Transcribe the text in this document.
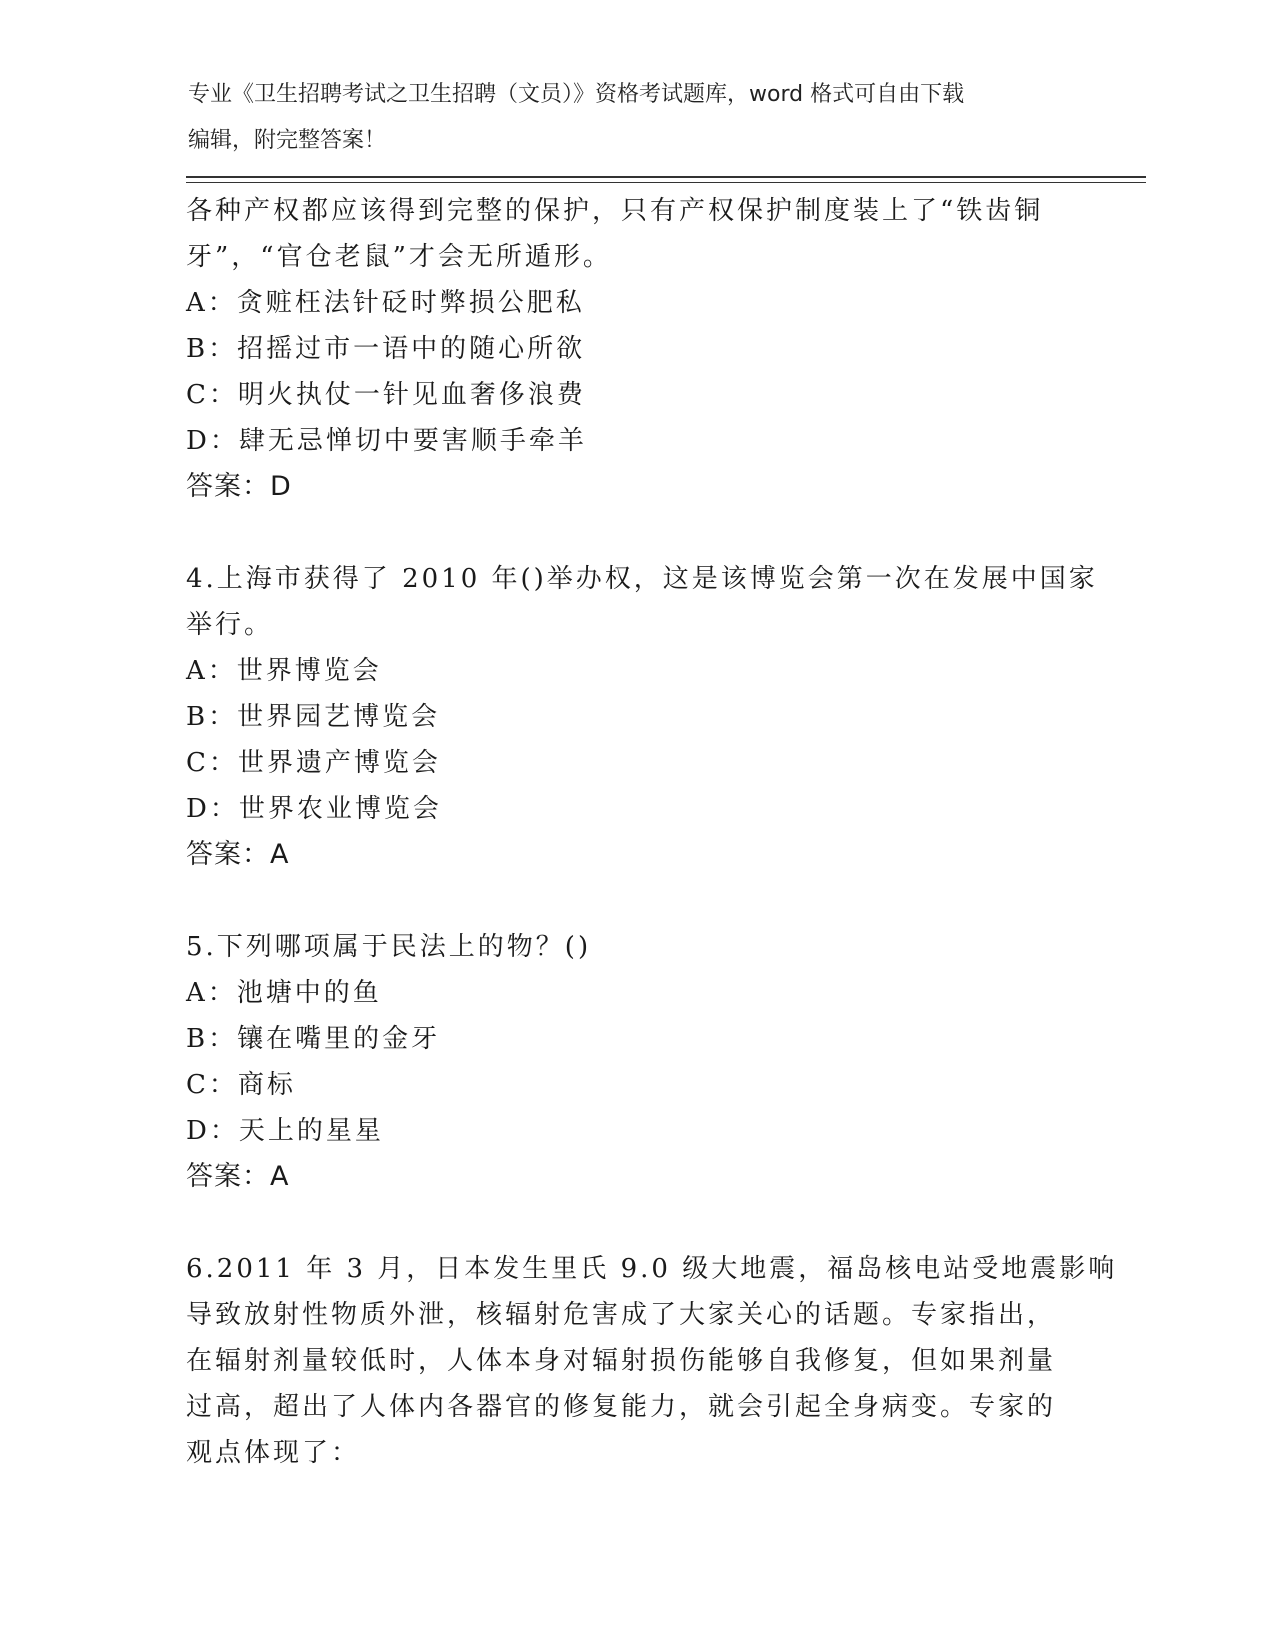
专业《卫生招聘考试之卫生招聘（文员）》资格考试题库，word 格式可自由下载
编辑，附完整答案！
各种产权都应该得到完整的保护，只有产权保护制度装上了“铁齿铜
牙”，“官仓老鼠”才会无所遁形。
A：贪赃枉法针砭时弊损公肥私
B：招摇过市一语中的随心所欲
C：明火执仗一针见血奢侈浪费
D：肆无忌惮切中要害顺手牵羊
答案：D
4.上海市获得了 2010 年()举办权，这是该博览会第一次在发展中国家
举行。
A：世界博览会
B：世界园艺博览会
C：世界遗产博览会
D：世界农业博览会
答案：A
5.下列哪项属于民法上的物？()
A：池塘中的鱼
B：镶在嘴里的金牙
C：商标
D：天上的星星
答案：A
6.2011 年 3 月，日本发生里氏 9.0 级大地震，福岛核电站受地震影响
导致放射性物质外泄，核辐射危害成了大家关心的话题。专家指出，
在辐射剂量较低时，人体本身对辐射损伤能够自我修复，但如果剂量
过高，超出了人体内各器官的修复能力，就会引起全身病变。专家的
观点体现了：
